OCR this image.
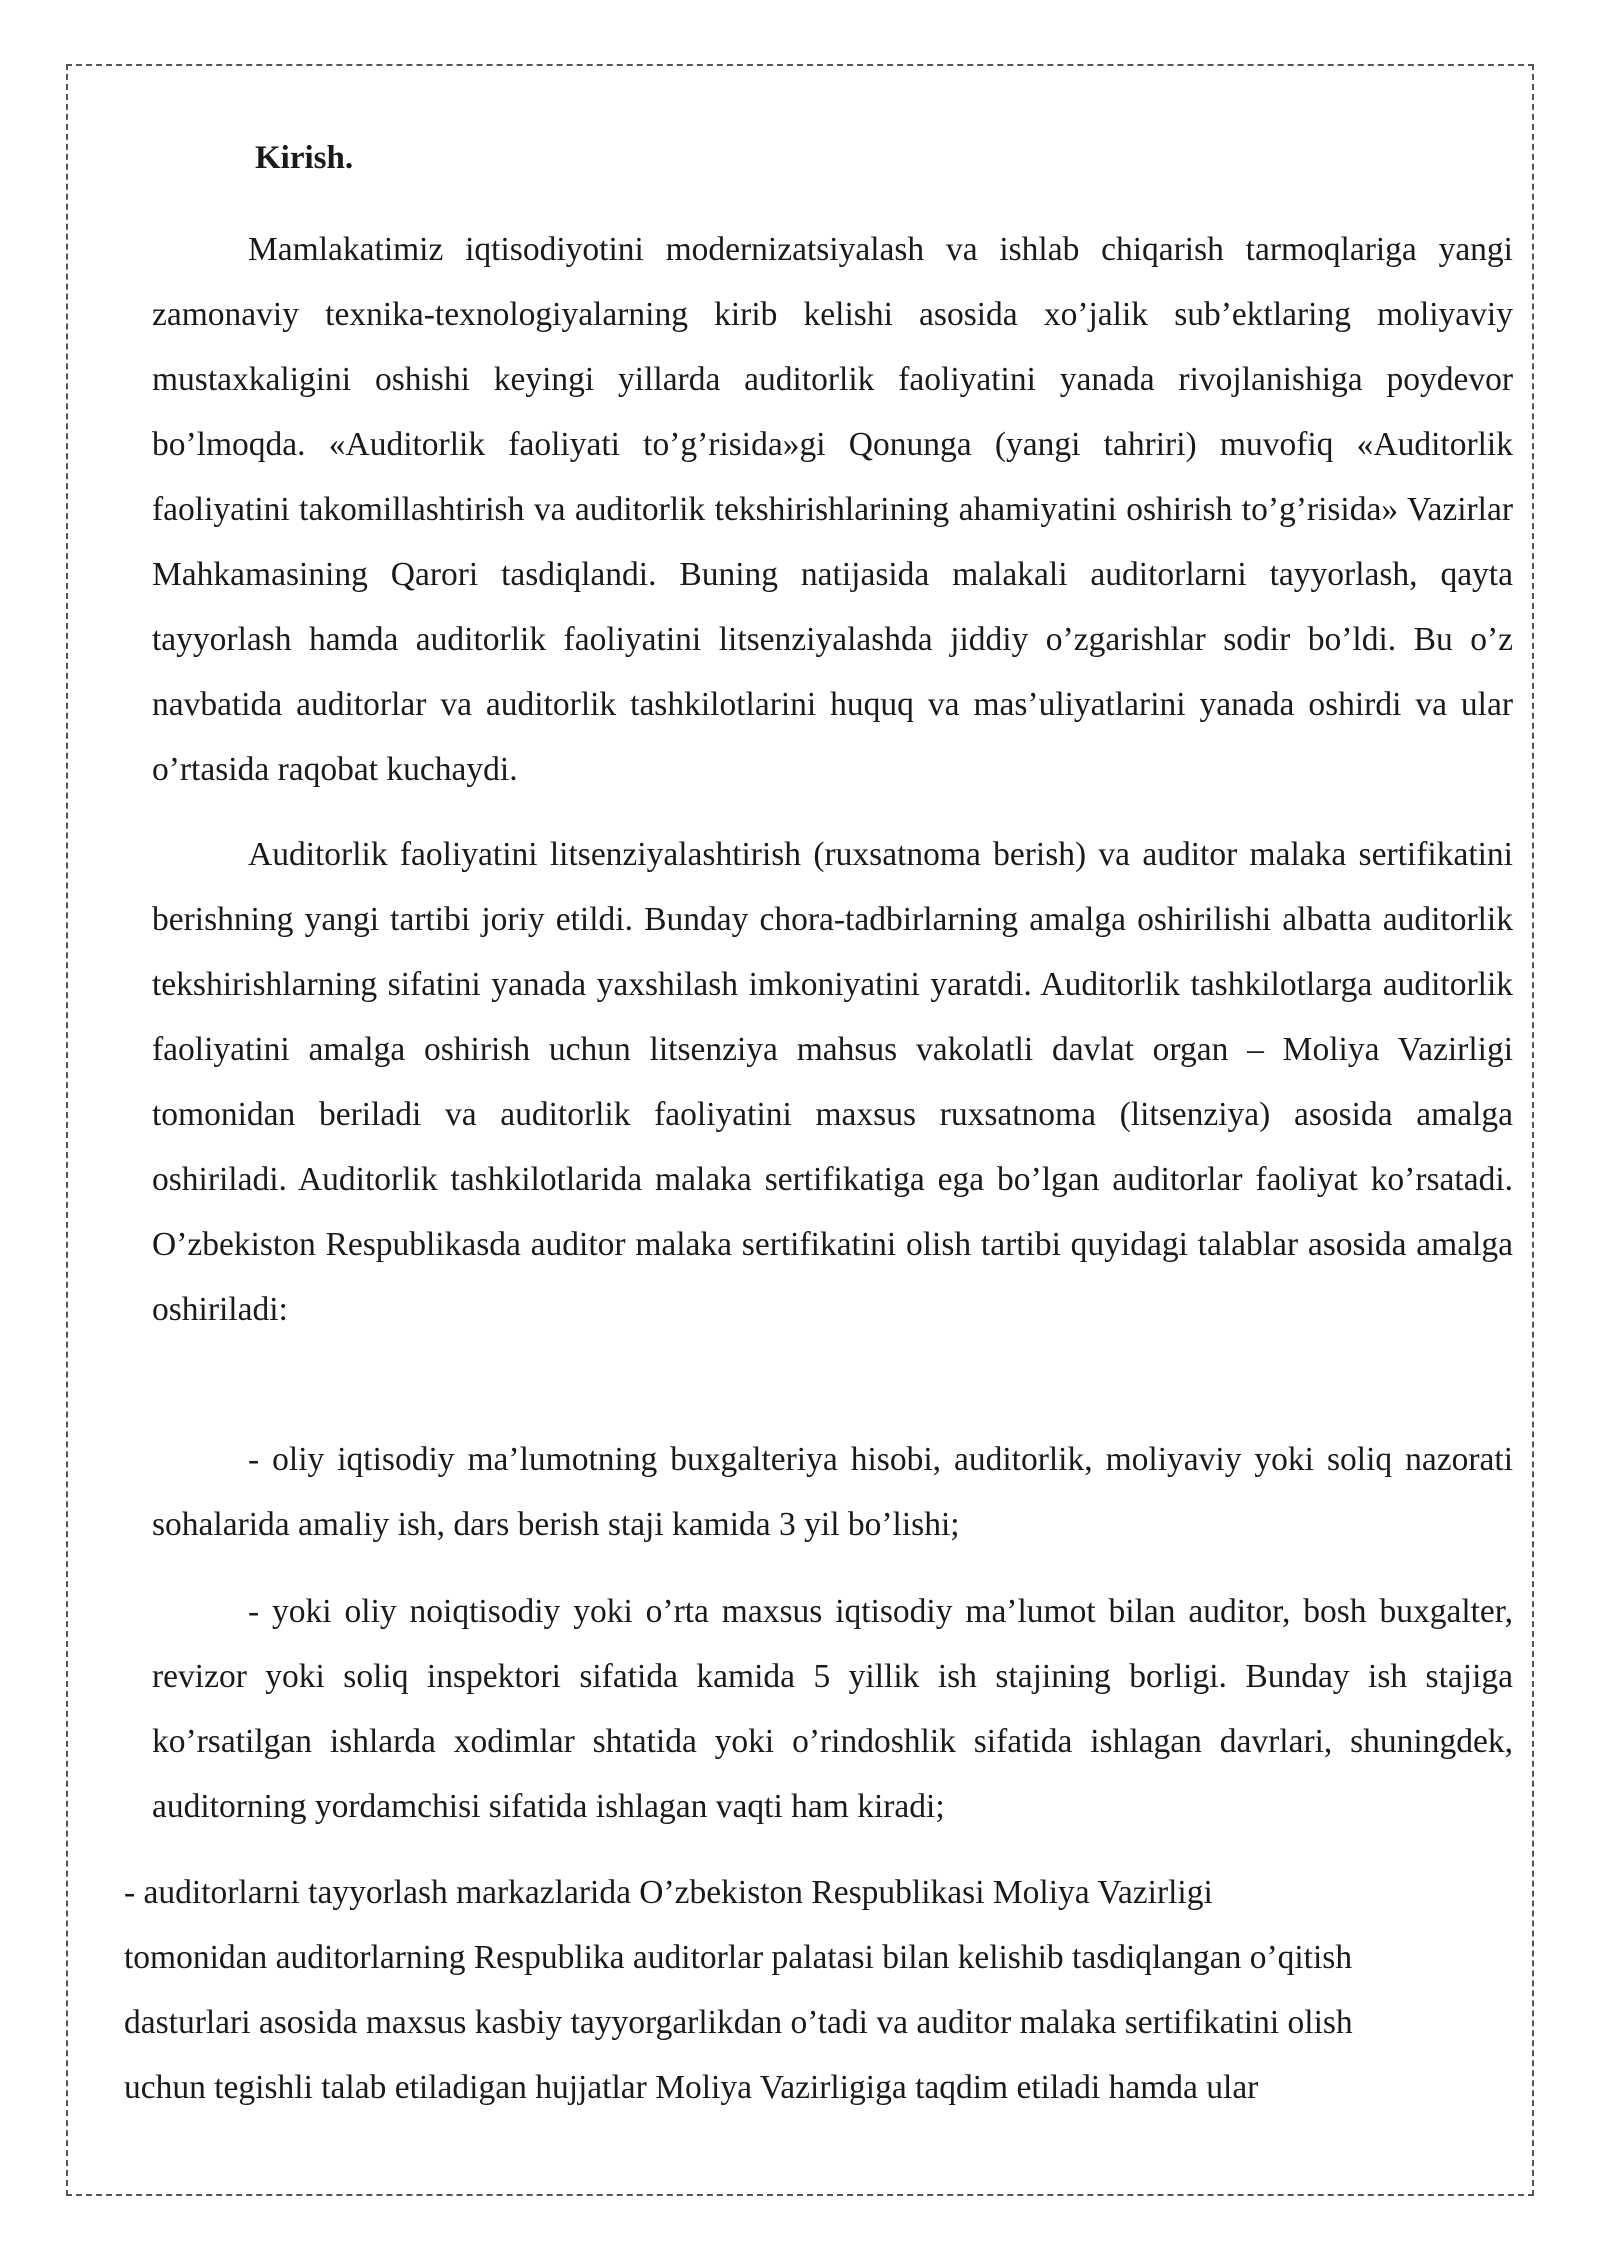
Kirish.

Mamlakatimiz iqtisodiyotini modernizatsiyalash va ishlab chiqarish tarmoqlariga yangi zamonaviy texnika-texnologiyalarning kirib kelishi asosida xo’jalik sub’ektlaring moliyaviy mustaxkaligini oshishi keyingi yillarda auditorlik faoliyatini yanada rivojlanishiga poydevor bo’lmoqda. «Auditorlik faoliyati to’g’risida»gi Qonunga (yangi tahriri) muvofiq «Auditorlik faoliyatini takomillashtirish va auditorlik tekshirishlarining ahamiyatini oshirish to’g’risida» Vazirlar Mahkamasining Qarori tasdiqlandi. Buning natijasida malakali auditorlarni tayyorlash, qayta tayyorlash hamda auditorlik faoliyatini litsenziyalashda jiddiy o’zgarishlar sodir bo’ldi. Bu o’z navbatida auditorlar va auditorlik tashkilotlarini huquq va mas’uliyatlarini yanada oshirdi va ular o’rtasida raqobat kuchaydi.

Auditorlik faoliyatini litsenziyalashtirish (ruxsatnoma berish) va auditor malaka sertifikatini berishning yangi tartibi joriy etildi. Bunday chora-tadbirlarning amalga oshirilishi albatta auditorlik tekshirishlarning sifatini yanada yaxshilash imkoniyatini yaratdi. Auditorlik tashkilotlarga auditorlik faoliyatini amalga oshirish uchun litsenziya mahsus vakolatli davlat organ – Moliya Vazirligi tomonidan beriladi va auditorlik faoliyatini maxsus ruxsatnoma (litsenziya) asosida amalga oshiriladi. Auditorlik tashkilotlarida malaka sertifikatiga ega bo’lgan auditorlar faoliyat ko’rsatadi. O’zbekiston Respublikasda auditor malaka sertifikatini olish tartibi quyidagi talablar asosida amalga oshiriladi:

- oliy iqtisodiy ma’lumotning buxgalteriya hisobi, auditorlik, moliyaviy yoki soliq nazorati sohalarida amaliy ish, dars berish staji kamida 3 yil bo’lishi;

- yoki oliy noiqtisodiy yoki o’rta maxsus iqtisodiy ma’lumot bilan auditor, bosh buxgalter, revizor yoki soliq inspektori sifatida kamida 5 yillik ish stajining borligi. Bunday ish stajiga ko’rsatilgan ishlarda xodimlar shtatida yoki o’rindoshlik sifatida ishlagan davrlari, shuningdek, auditorning yordamchisi sifatida ishlagan vaqti ham kiradi;

- auditorlarni tayyorlash markazlarida O’zbekiston Respublikasi Moliya Vazirligi
tomonidan auditorlarning Respublika auditorlar palatasi bilan kelishib tasdiqlangan o’qitish
dasturlari asosida maxsus kasbiy tayyorgarlikdan o’tadi va auditor malaka sertifikatini olish
uchun tegishli talab etiladigan hujjatlar Moliya Vazirligiga taqdim etiladi hamda ular
